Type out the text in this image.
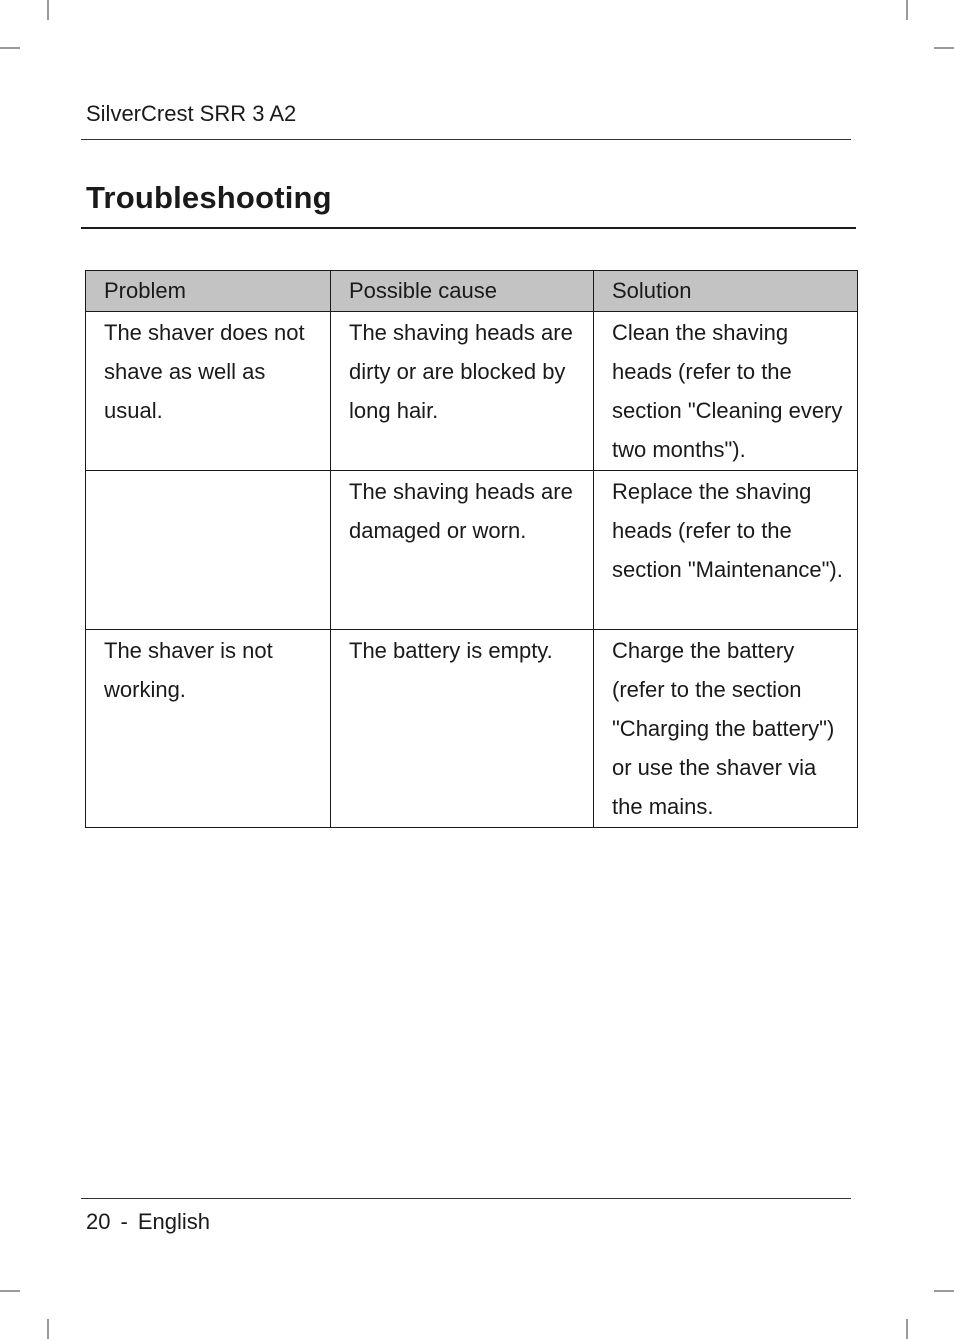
SilverCrest SRR 3 A2
Troubleshooting
Problem	Possible cause	Solution
The shaver does not shave as well as usual.	The shaving heads are dirty or are blocked by long hair.	Clean the shaving heads (refer to the section "Cleaning every two months").
	The shaving heads are damaged or worn.	Replace the shaving heads (refer to the section "Maintenance").
The shaver is not working.	The battery is empty.	Charge the battery (refer to the section "Charging the battery") or use the shaver via the mains.
20 - English
